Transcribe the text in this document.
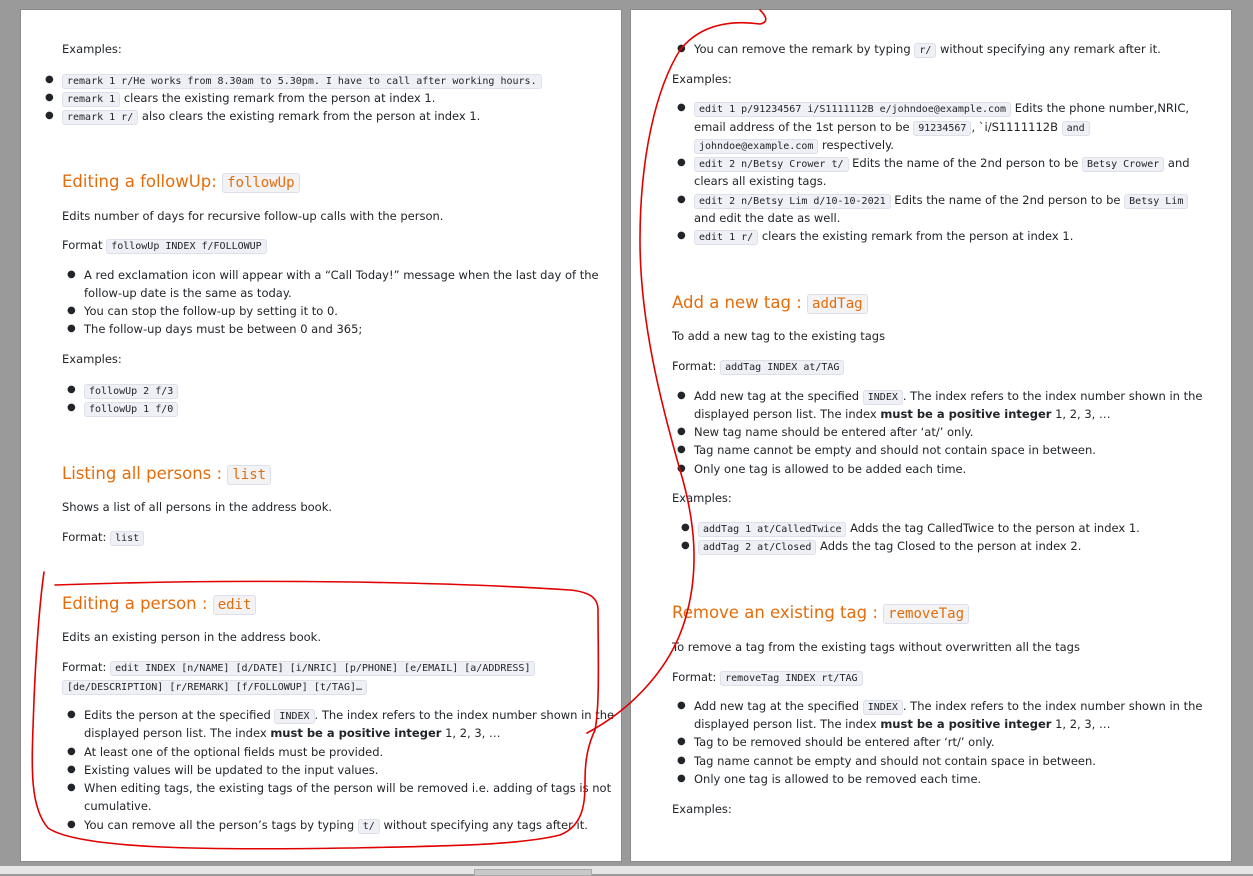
Examples:
● remark 1 r/He works from 8.30am to 5.30pm. I have to call after working hours.
● remark 1 clears the existing remark from the person at index 1.
● remark 1 r/ also clears the existing remark from the person at index 1.
Editing a followUp: followUp
Edits number of days for recursive follow-up calls with the person.
Format followUp INDEX f/FOLLOWUP
● A red exclamation icon will appear with a “Call Today!” message when the last day of the
follow-up date is the same as today.
● You can stop the follow-up by setting it to 0.
● The follow-up days must be between 0 and 365;
Examples:
● followUp 2 f/3
● followUp 1 f/0
Listing all persons : list
Shows a list of all persons in the address book.
Format: list
Editing a person : edit
Edits an existing person in the address book.
Format: edit INDEX [n/NAME] [d/DATE] [i/NRIC] [p/PHONE] [e/EMAIL] [a/ADDRESS]
[de/DESCRIPTION] [r/REMARK] [f/FOLLOWUP] [t/TAG]…
● Edits the person at the specified INDEX . The index refers to the index number shown in the
displayed person list. The index must be a positive integer 1, 2, 3, …
● At least one of the optional fields must be provided.
● Existing values will be updated to the input values.
● When editing tags, the existing tags of the person will be removed i.e. adding of tags is not
cumulative.
● You can remove all the person’s tags by typing t/ without specifying any tags after it.
● You can remove the remark by typing r/ without specifying any remark after it.
Examples:
● edit 1 p/91234567 i/S1111112B e/johndoe@example.com Edits the phone number,NRIC,
email address of the 1st person to be 91234567 , `i/S1111112B and
johndoe@example.com respectively.
● edit 2 n/Betsy Crower t/ Edits the name of the 2nd person to be Betsy Crower and
clears all existing tags.
● edit 2 n/Betsy Lim d/10-10-2021 Edits the name of the 2nd person to be Betsy Lim
and edit the date as well.
● edit 1 r/ clears the existing remark from the person at index 1.
Add a new tag : addTag
To add a new tag to the existing tags
Format: addTag INDEX at/TAG
● Add new tag at the specified INDEX . The index refers to the index number shown in the
displayed person list. The index must be a positive integer 1, 2, 3, …
● New tag name should be entered after ‘at/’ only.
● Tag name cannot be empty and should not contain space in between.
● Only one tag is allowed to be added each time.
Examples:
● addTag 1 at/CalledTwice Adds the tag CalledTwice to the person at index 1.
● addTag 2 at/Closed Adds the tag Closed to the person at index 2.
Remove an existing tag : removeTag
To remove a tag from the existing tags without overwritten all the tags
Format: removeTag INDEX rt/TAG
● Add new tag at the specified INDEX . The index refers to the index number shown in the
displayed person list. The index must be a positive integer 1, 2, 3, …
● Tag to be removed should be entered after ‘rt/’ only.
● Tag name cannot be empty and should not contain space in between.
● Only one tag is allowed to be removed each time.
Examples:
